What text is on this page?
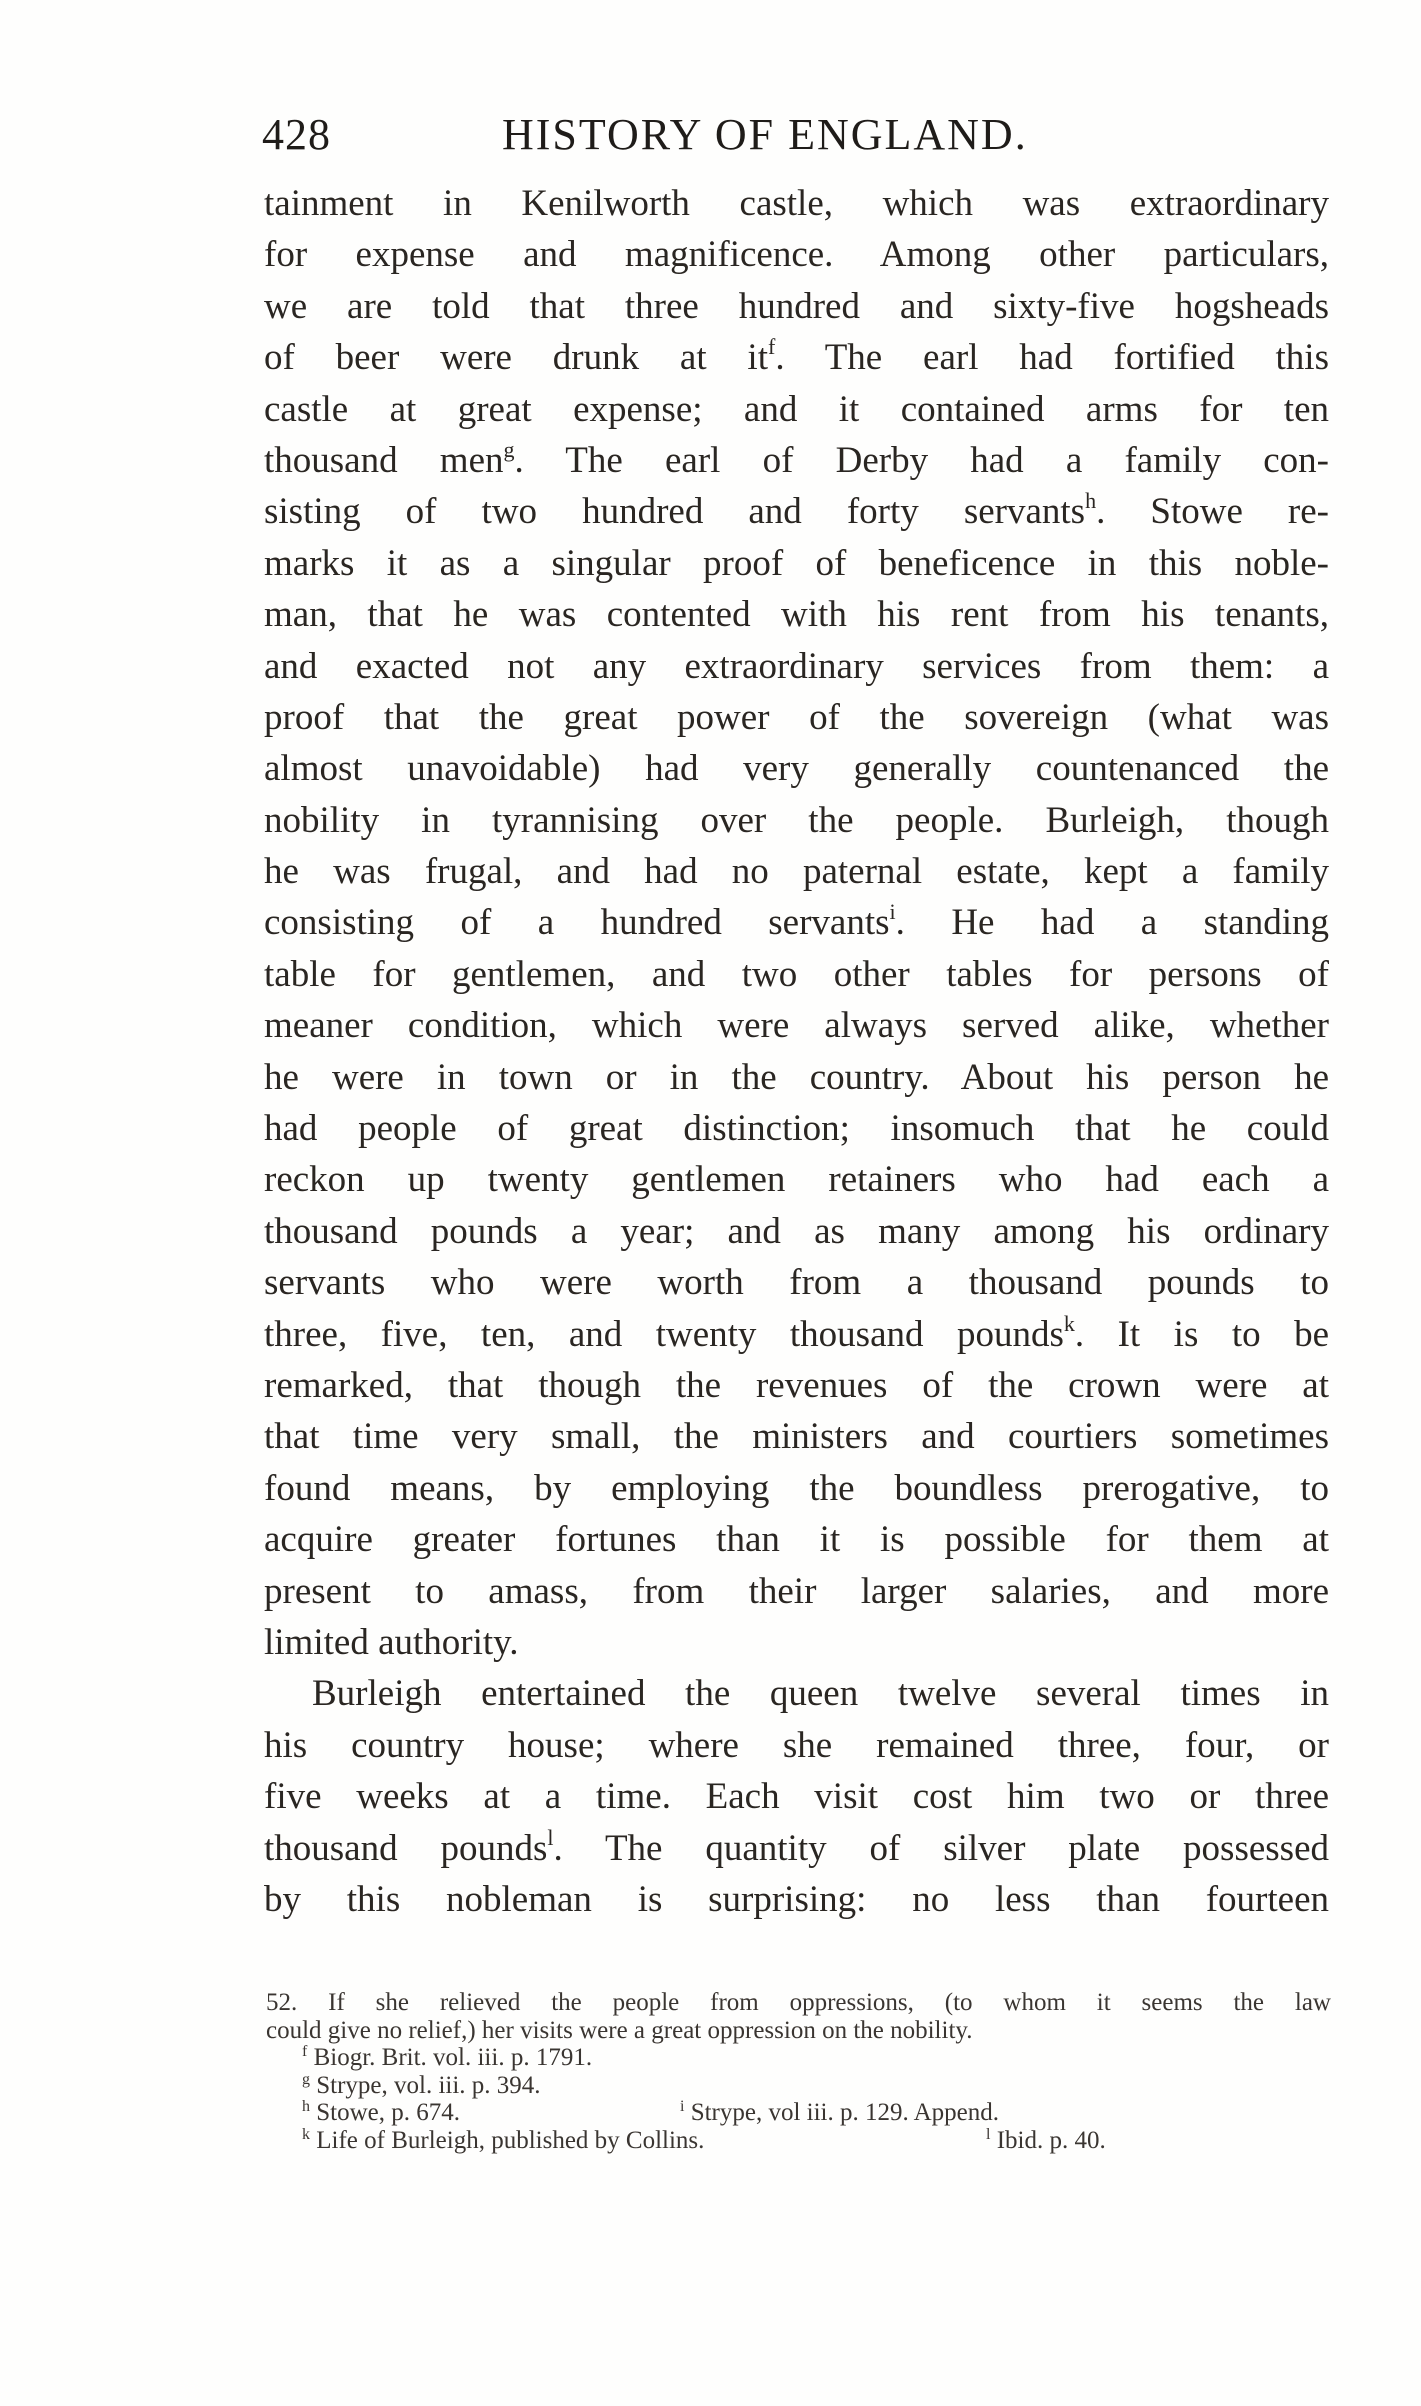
428	HISTORY OF ENGLAND.
tainment in Kenilworth castle, which was extraordinary
for expense and magnificence. Among other particulars,
we are told that three hundred and sixty-five hogsheads
of beer were drunk at $it^f$. The earl had fortified this
castle at great expense; and it contained arms for ten
thousand men$^g$. The earl of Derby had a family con-
sisting of two hundred and forty servants$^h$. Stowe re-
marks it as a singular proof of beneficence in this noble-
man, that he was contented with his rent from his tenants,
and exacted not any extraordinary services from them: a
proof that the great power of the sovereign (what was
almost unavoidable) had very generally countenanced the
nobility in tyrannising over the people. Burleigh, though
he was frugal, and had no paternal estate, kept a family
consisting of a hundred servants$^i$. He had a standing
table for gentlemen, and two other tables for persons of
meaner condition, which were always served alike, whether
he were in town or in the country. About his person he
had people of great distinction; insomuch that he could
reckon up twenty gentlemen retainers who had each a
thousand pounds a year; and as many among his ordinary
servants who were worth from a thousand pounds to
three, five, ten, and twenty thousand pounds$^k$. It is to be
remarked, that though the revenues of the crown were at
that time very small, the ministers and courtiers sometimes
found means, by employing the boundless prerogative, to
acquire greater fortunes than it is possible for them at
present to amass, from their larger salaries, and more
limited authority.
Burleigh entertained the queen twelve several times in
his country house; where she remained three, four, or
five weeks at a time. Each visit cost him two or three
thousand pounds$^l$. The quantity of silver plate possessed
by this nobleman is surprising: no less than fourteen
52. If she relieved the people from oppressions, (to whom it seems the law
could give no relief,) her visits were a great oppression on the nobility.
$^f$ Biogr. Brit. vol. iii. p. 1791.
$^g$ Strype, vol. iii. p. 394.
$^h$ Stowe, p. 674.	$^i$ Strype, vol iii. p. 129. Append.
$^k$ Life of Burleigh, published by Collins.	$^l$ Ibid. p. 40.
